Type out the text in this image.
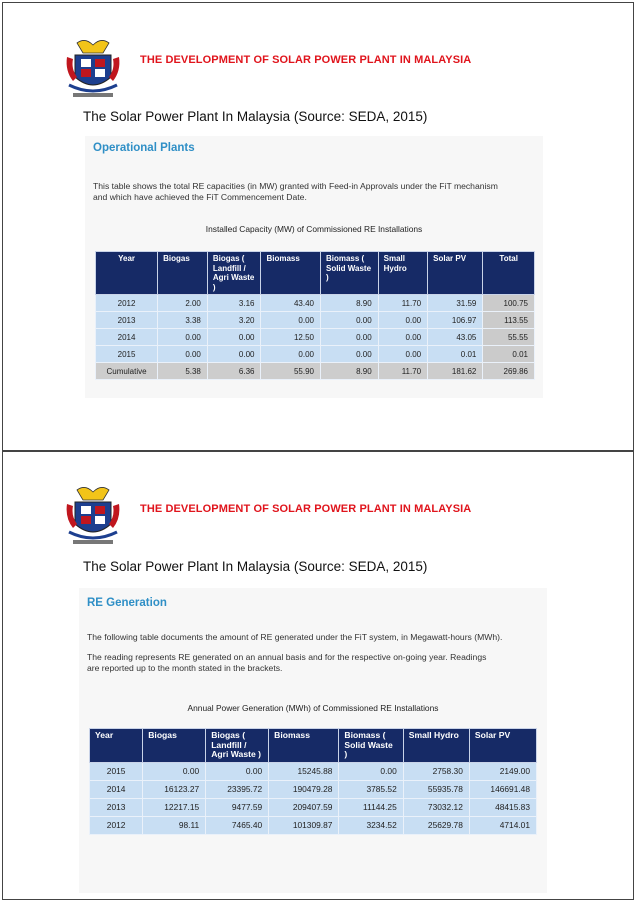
THE DEVELOPMENT OF SOLAR POWER PLANT IN MALAYSIA
The Solar Power Plant In Malaysia (Source: SEDA, 2015)
Operational Plants
This table shows the total RE capacities (in MW) granted with Feed-in Approvals under the FiT mechanism
and which have achieved the FiT Commencement Date.
Installed Capacity (MW) of Commissioned RE Installations
Year	Biogas	Biogas ( Landfill / Agri Waste )	Biomass	Biomass ( Solid Waste )	Small Hydro	Solar PV	Total
2012	2.00	3.16	43.40	8.90	11.70	31.59	100.75
2013	3.38	3.20	0.00	0.00	0.00	106.97	113.55
2014	0.00	0.00	12.50	0.00	0.00	43.05	55.55
2015	0.00	0.00	0.00	0.00	0.00	0.01	0.01
Cumulative	5.38	6.36	55.90	8.90	11.70	181.62	269.86
THE DEVELOPMENT OF SOLAR POWER PLANT IN MALAYSIA
The Solar Power Plant In Malaysia (Source: SEDA, 2015)
RE Generation
The following table documents the amount of RE generated under the FiT system, in Megawatt-hours (MWh).
The reading represents RE generated on an annual basis and for the respective on-going year. Readings
are reported up to the month stated in the brackets.
Annual Power Generation (MWh) of Commissioned RE Installations
Year	Biogas	Biogas ( Landfill / Agri Waste )	Biomass	Biomass ( Solid Waste )	Small Hydro	Solar PV
2015	0.00	0.00	15245.88	0.00	2758.30	2149.00
2014	16123.27	23395.72	190479.28	3785.52	55935.78	146691.48
2013	12217.15	9477.59	209407.59	11144.25	73032.12	48415.83
2012	98.11	7465.40	101309.87	3234.52	25629.78	4714.01
